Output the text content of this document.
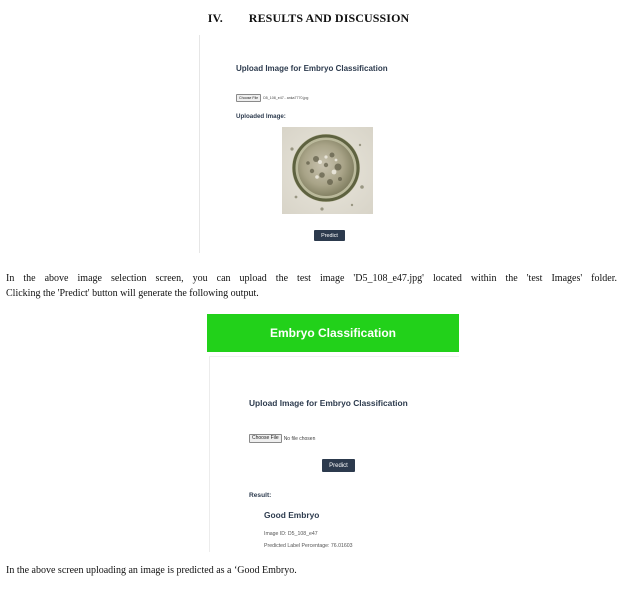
IV. RESULTS AND DISCUSSION
Upload Image for Embryo Classification
Choose File	D5_108_e47.. anka7770.jpg
Uploaded Image:
Predict

In the above image selection screen, you can upload the test image 'D5_108_e47.jpg' located within the 'test Images' folder.
Clicking the 'Predict' button will generate the following output.

Embryo Classification
Upload Image for Embryo Classification
Choose File	No file chosen
Predict
Result:
Good Embryo
Image ID: D5_108_e47
Predicted Label Percentage: 76.01603

In the above screen uploading an image is predicted as a ‘Good Embryo.
